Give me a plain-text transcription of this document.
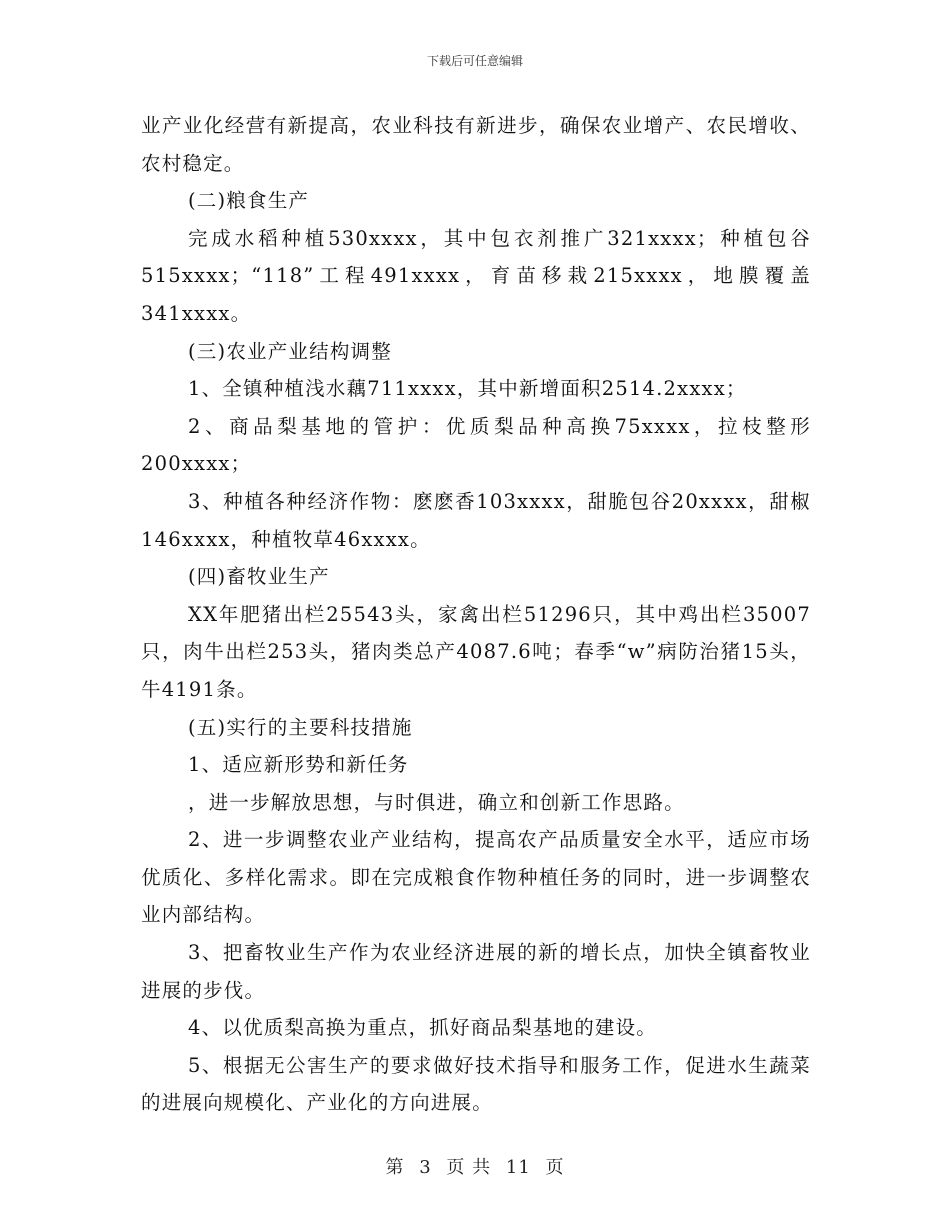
下载后可任意编辑

业产业化经营有新提高，农业科技有新进步，确保农业增产、农民增收、农村稳定。

(二)粮食生产

完成水稻种植530xxxx，其中包衣剂推广321xxxx；种植包谷515xxxx；“118”工程491xxxx，育苗移栽215xxxx，地膜覆盖341xxxx。

(三)农业产业结构调整

1、全镇种植浅水藕711xxxx，其中新增面积2514.2xxxx；

2、商品梨基地的管护：优质梨品种高换75xxxx，拉枝整形200xxxx；

3、种植各种经济作物：麽麽香103xxxx，甜脆包谷20xxxx，甜椒146xxxx，种植牧草46xxxx。

(四)畜牧业生产

XX年肥猪出栏25543头，家禽出栏51296只，其中鸡出栏35007只，肉牛出栏253头，猪肉类总产4087.6吨；春季“w”病防治猪15头，牛4191条。

(五)实行的主要科技措施

1、适应新形势和新任务

，进一步解放思想，与时俱进，确立和创新工作思路。

2、进一步调整农业产业结构，提高农产品质量安全水平，适应市场优质化、多样化需求。即在完成粮食作物种植任务的同时，进一步调整农业内部结构。

3、把畜牧业生产作为农业经济进展的新的增长点，加快全镇畜牧业进展的步伐。

4、以优质梨高换为重点，抓好商品梨基地的建设。

5、根据无公害生产的要求做好技术指导和服务工作，促进水生蔬菜的进展向规模化、产业化的方向进展。

第 3 页 共 11 页
